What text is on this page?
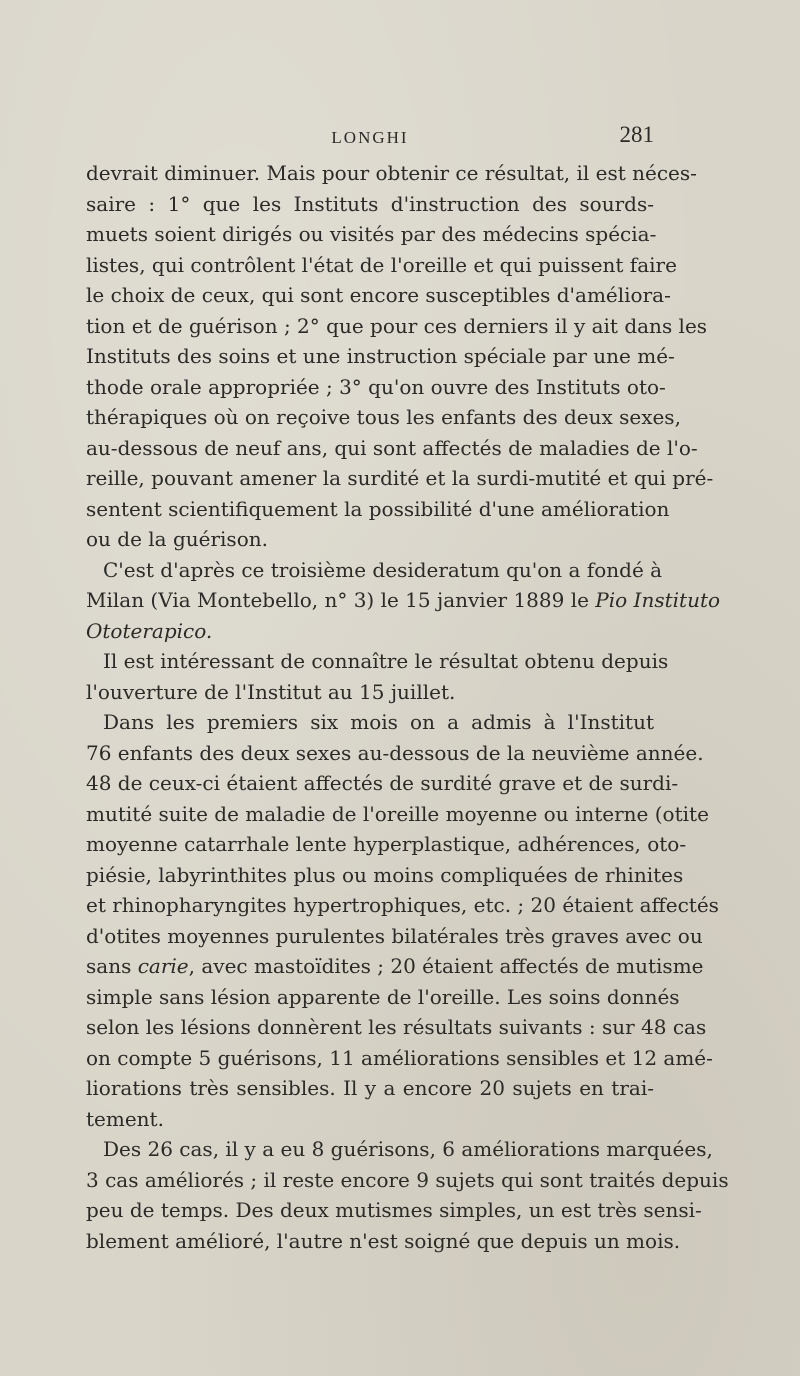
LONGHI	281
devrait diminuer. Mais pour obtenir ce résultat, il est néces-
saire : 1° que les Instituts d'instruction des sourds-
muets soient dirigés ou visités par des médecins spécia-
listes, qui contrôlent l'état de l'oreille et qui puissent faire
le choix de ceux, qui sont encore susceptibles d'améliora-
tion et de guérison ; 2° que pour ces derniers il y ait dans les
Instituts des soins et une instruction spéciale par une mé-
thode orale appropriée ; 3° qu'on ouvre des Instituts oto-
thérapiques où on reçoive tous les enfants des deux sexes,
au-dessous de neuf ans, qui sont affectés de maladies de l'o-
reille, pouvant amener la surdité et la surdi-mutité et qui pré-
sentent scientifiquement la possibilité d'une amélioration
ou de la guérison.
C'est d'après ce troisième desideratum qu'on a fondé à
Milan (Via Montebello, n° 3) le 15 janvier 1889 le Pio Instituto
Ototerapico.
Il est intéressant de connaître le résultat obtenu depuis
l'ouverture de l'Institut au 15 juillet.
Dans les premiers six mois on a admis à l'Institut
76 enfants des deux sexes au-dessous de la neuvième année.
48 de ceux-ci étaient affectés de surdité grave et de surdi-
mutité suite de maladie de l'oreille moyenne ou interne (otite
moyenne catarrhale lente hyperplastique, adhérences, oto-
piésie, labyrinthites plus ou moins compliquées de rhinites
et rhinopharyngites hypertrophiques, etc. ; 20 étaient affectés
d'otites moyennes purulentes bilatérales très graves avec ou
sans carie, avec mastoïdites ; 20 étaient affectés de mutisme
simple sans lésion apparente de l'oreille. Les soins donnés
selon les lésions donnèrent les résultats suivants : sur 48 cas
on compte 5 guérisons, 11 améliorations sensibles et 12 amé-
liorations très sensibles. Il y a encore 20 sujets en trai-
tement.
Des 26 cas, il y a eu 8 guérisons, 6 améliorations marquées,
3 cas améliorés ; il reste encore 9 sujets qui sont traités depuis
peu de temps. Des deux mutismes simples, un est très sensi-
blement amélioré, l'autre n'est soigné que depuis un mois.
